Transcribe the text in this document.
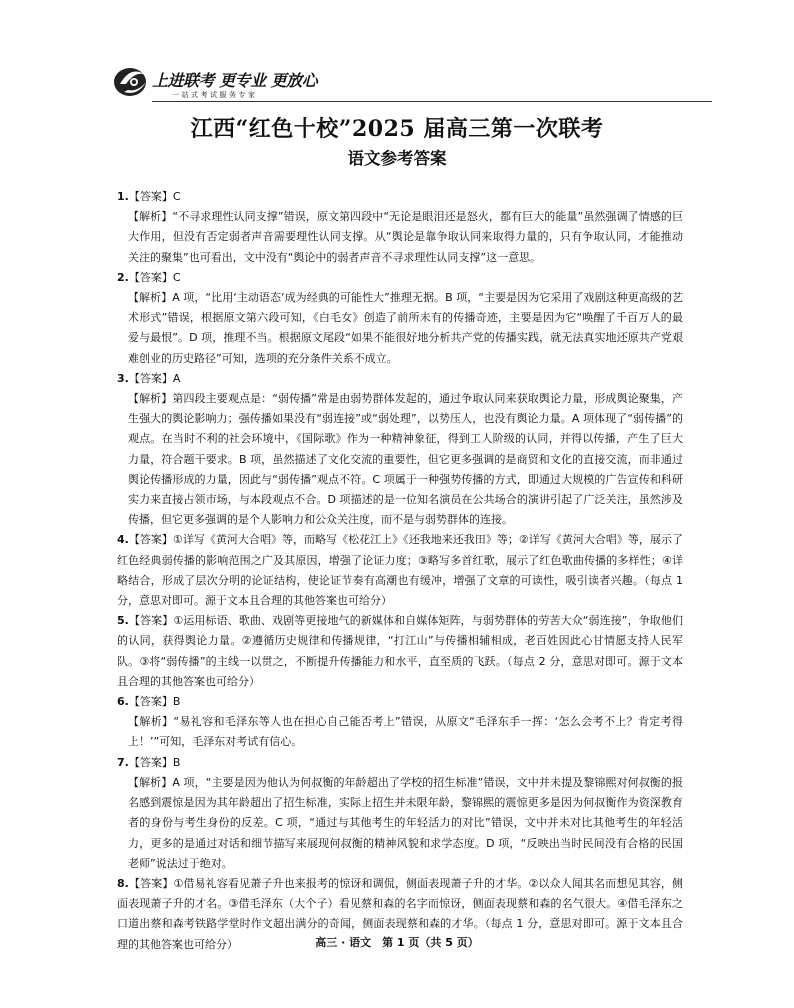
上进联考 更专业 更放心
一站式考试服务专家
江西“红色十校”2025 届高三第一次联考
语文参考答案

1.【答案】C

【解析】“不寻求理性认同支撑”错误，原文第四段中“无论是眼泪还是怒火，都有巨大的能量”虽然强调了情感的巨大作用，但没有否定弱者声音需要理性认同支撑。从“舆论是靠争取认同来取得力量的，只有争取认同，才能推动关注的聚集”也可看出，文中没有“舆论中的弱者声音不寻求理性认同支撑”这一意思。

2.【答案】C

【解析】A 项，“比用‘主动语态’成为经典的可能性大”推理无据。B 项，“主要是因为它采用了戏剧这种更高级的艺术形式”错误，根据原文第六段可知，《白毛女》创造了前所未有的传播奇迹，主要是因为它“唤醒了千百万人的最爱与最恨”。D 项，推理不当。根据原文尾段“如果不能很好地分析共产党的传播实践，就无法真实地还原共产党艰难创业的历史路径”可知，选项的充分条件关系不成立。

3.【答案】A

【解析】第四段主要观点是：“弱传播”常是由弱势群体发起的，通过争取认同来获取舆论力量，形成舆论聚集，产生强大的舆论影响力；强传播如果没有“弱连接”或“弱处理”，以势压人，也没有舆论力量。A 项体现了“弱传播”的观点。在当时不利的社会环境中，《国际歌》作为一种精神象征，得到工人阶级的认同，并得以传播，产生了巨大力量，符合题干要求。B 项，虽然描述了文化交流的重要性，但它更多强调的是商贸和文化的直接交流，而非通过舆论传播形成的力量，因此与“弱传播”观点不符。C 项属于一种强势传播的方式，即通过大规模的广告宣传和科研实力来直接占领市场，与本段观点不合。D 项描述的是一位知名演员在公共场合的演讲引起了广泛关注，虽然涉及传播，但它更多强调的是个人影响力和公众关注度，而不是与弱势群体的连接。

4.【答案】①详写《黄河大合唱》等，而略写《松花江上》《还我地来还我田》等；②详写《黄河大合唱》等，展示了红色经典弱传播的影响范围之广及其原因，增强了论证力度；③略写多首红歌，展示了红色歌曲传播的多样性；④详略结合，形成了层次分明的论证结构，使论证节奏有高潮也有缓冲，增强了文章的可读性，吸引读者兴趣。（每点 1 分，意思对即可。源于文本且合理的其他答案也可给分）

5.【答案】①运用标语、歌曲、戏剧等更接地气的新媒体和自媒体矩阵，与弱势群体的劳苦大众“弱连接”，争取他们的认同，获得舆论力量。②遵循历史规律和传播规律，“打江山”与传播相辅相成，老百姓因此心甘情愿支持人民军队。③将“弱传播”的主线一以贯之，不断提升传播能力和水平，直至质的飞跃。（每点 2 分，意思对即可。源于文本且合理的其他答案也可给分）

6.【答案】B

【解析】“易礼容和毛泽东等人也在担心自己能否考上”错误，从原文“毛泽东手一挥：‘怎么会考不上？肯定考得上！’”可知，毛泽东对考试有信心。

7.【答案】B

【解析】A 项，“主要是因为他认为何叔衡的年龄超出了学校的招生标准”错误，文中并未提及黎锦熙对何叔衡的报名感到震惊是因为其年龄超出了招生标准，实际上招生并未限年龄，黎锦熙的震惊更多是因为何叔衡作为资深教育者的身份与考生身份的反差。C 项，“通过与其他考生的年轻活力的对比”错误，文中并未对比其他考生的年轻活力，更多的是通过对话和细节描写来展现何叔衡的精神风貌和求学态度。D 项，“反映出当时民间没有合格的民国老师”说法过于绝对。

8.【答案】①借易礼容看见萧子升也来报考的惊讶和调侃，侧面表现萧子升的才华。②以众人闻其名而想见其容，侧面表现萧子升的才名。③借毛泽东（大个子）看见蔡和森的名字而惊讶，侧面表现蔡和森的名气很大。④借毛泽东之口道出蔡和森考铁路学堂时作文超出满分的奇闻，侧面表现蔡和森的才华。（每点 1 分，意思对即可。源于文本且合理的其他答案也可给分）	高三 · 语文　第 1 页（共 5 页）
